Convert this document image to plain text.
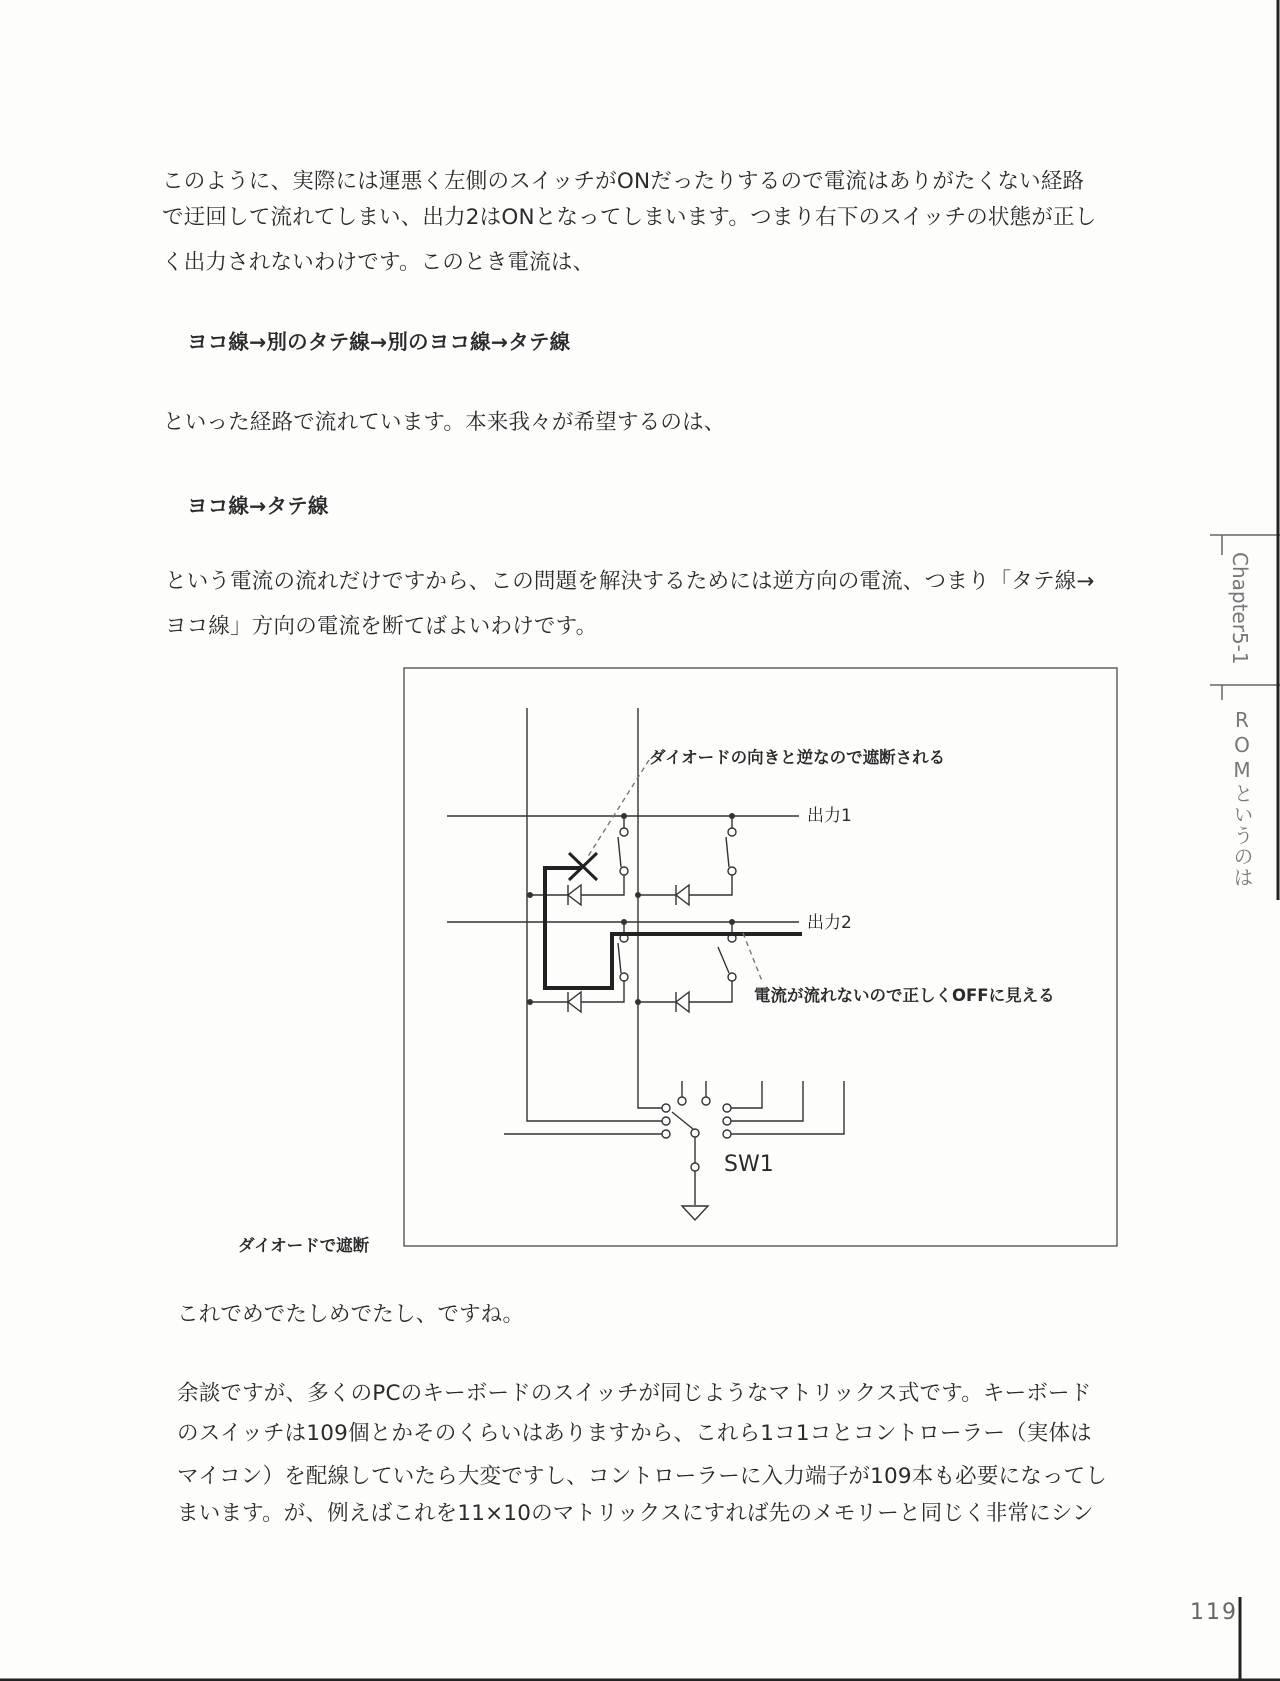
このように、実際には運悪く左側のスイッチがONだったりするので電流はありがたくない経路
で迂回して流れてしまい、出力2はONとなってしまいます。つまり右下のスイッチの状態が正し
く出力されないわけです。このとき電流は、
ヨコ線→別のタテ線→別のヨコ線→タテ線
といった経路で流れています。本来我々が希望するのは、
ヨコ線→タテ線
という電流の流れだけですから、この問題を解決するためには逆方向の電流、つまり「タテ線→
ヨコ線」方向の電流を断てばよいわけです。
これでめでたしめでたし、ですね。
余談ですが、多くのPCのキーボードのスイッチが同じようなマトリックス式です。キーボード
のスイッチは109個とかそのくらいはありますから、これら1コ1コとコントローラー（実体は
マイコン）を配線していたら大変ですし、コントローラーに入力端子が109本も必要になってし
まいます。が、例えばこれを11×10のマトリックスにすれば先のメモリーと同じく非常にシン
ダイオードの向きと逆なので遮断される
出力1
出力2
電流が流れないので正しくOFFに見える
SW1
ダイオードで遮断
Chapter5-1
ROMというのは
119
